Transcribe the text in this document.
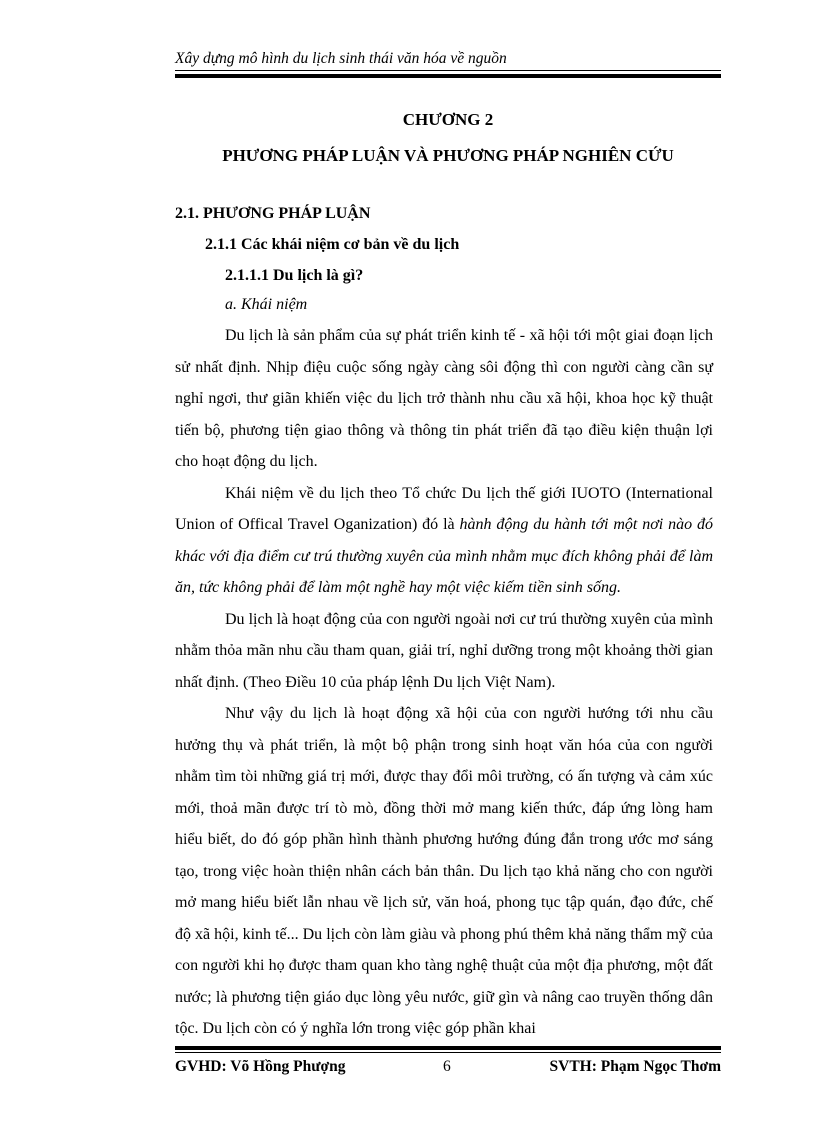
Xây dựng mô hình du lịch sinh thái văn hóa về nguồn
CHƯƠNG 2
PHƯƠNG PHÁP LUẬN VÀ PHƯƠNG PHÁP NGHIÊN CỨU
2.1. PHƯƠNG PHÁP LUẬN
2.1.1 Các khái niệm cơ bản về du lịch
2.1.1.1 Du lịch là gì?
a. Khái niệm

Du lịch là sản phẩm của sự phát triển kinh tế - xã hội tới một giai đoạn lịch sử nhất định. Nhịp điệu cuộc sống ngày càng sôi động thì con người càng cần sự nghỉ ngơi, thư giãn khiến việc du lịch trở thành nhu cầu xã hội, khoa học kỹ thuật tiến bộ, phương tiện giao thông và thông tin phát triển đã tạo điều kiện thuận lợi cho hoạt động du lịch.

Khái niệm về du lịch theo Tổ chức Du lịch thế giới IUOTO (International Union of Offical Travel Oganization) đó là hành động du hành tới một nơi nào đó khác với địa điểm cư trú thường xuyên của mình nhằm mục đích không phải để làm ăn, tức không phải để làm một nghề hay một việc kiếm tiền sinh sống.

Du lịch là hoạt động của con người ngoài nơi cư trú thường xuyên của mình nhằm thỏa mãn nhu cầu tham quan, giải trí, nghỉ dưỡng trong một khoảng thời gian nhất định. (Theo Điều 10 của pháp lệnh Du lịch Việt Nam).

Như vậy du lịch là hoạt động xã hội của con người hướng tới nhu cầu hưởng thụ và phát triển, là một bộ phận trong sinh hoạt văn hóa của con người nhằm tìm tòi những giá trị mới, được thay đổi môi trường, có ấn tượng và cảm xúc mới, thoả mãn được trí tò mò, đồng thời mở mang kiến thức, đáp ứng lòng ham hiểu biết, do đó góp phần hình thành phương hướng đúng đắn trong ước mơ sáng tạo, trong việc hoàn thiện nhân cách bản thân. Du lịch tạo khả năng cho con người mở mang hiểu biết lẫn nhau về lịch sử, văn hoá, phong tục tập quán, đạo đức, chế độ xã hội, kinh tế... Du lịch còn làm giàu và phong phú thêm khả năng thẩm mỹ của con người khi họ được tham quan kho tàng nghệ thuật của một địa phương, một đất nước; là phương tiện giáo dục lòng yêu nước, giữ gìn và nâng cao truyền thống dân tộc. Du lịch còn có ý nghĩa lớn trong việc góp phần khai

GVHD: Võ Hồng Phượng	6	SVTH: Phạm Ngọc Thơm
